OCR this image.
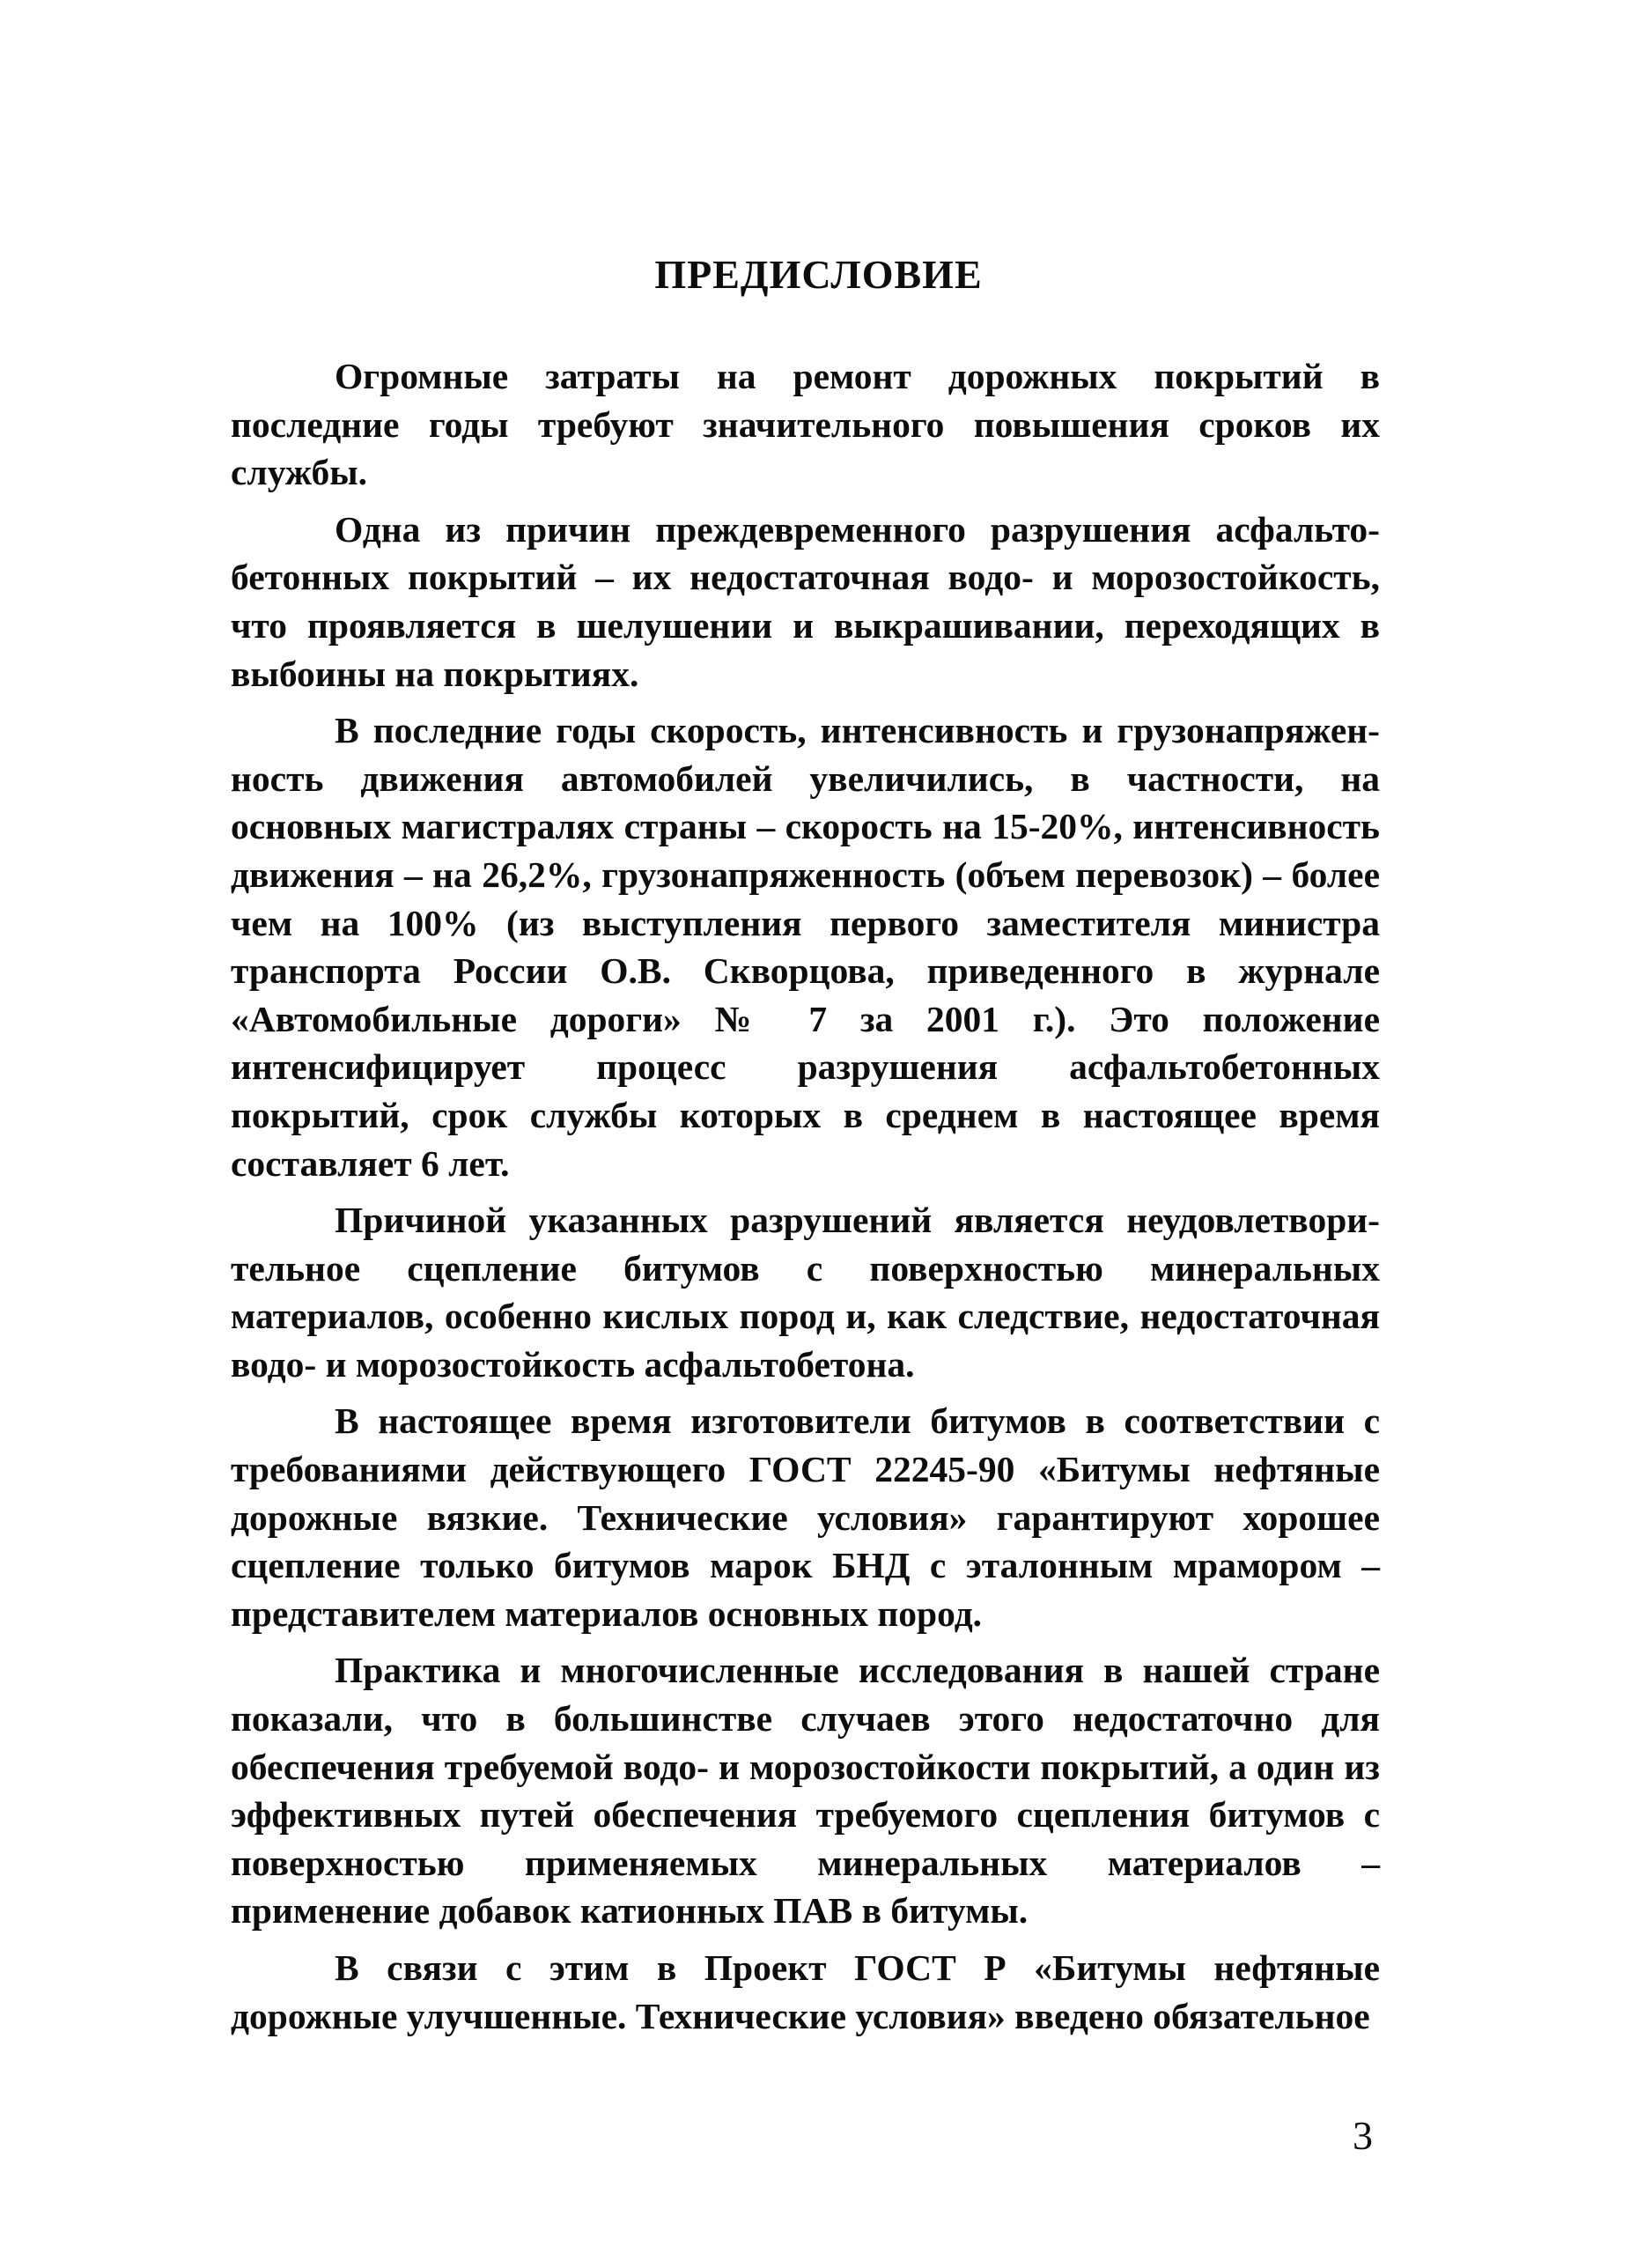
ПРЕДИСЛОВИЕ

Огромные затраты на ремонт дорожных покрытий в последние годы требуют значительного повышения сроков их службы.

Одна из причин преждевременного разрушения асфальто-бетонных покрытий – их недостаточная водо- и морозостойкость, что проявляется в шелушении и выкрашивании, переходящих в выбоины на покрытиях.

В последние годы скорость, интенсивность и грузонапряжен-ность движения автомобилей увеличились, в частности, на основных магистралях страны – скорость на 15-20%, интенсивность движения – на 26,2%, грузонапряженность (объем перевозок) – более чем на 100% (из выступления первого заместителя министра транспорта России О.В. Скворцова, приведенного в журнале «Автомобильные дороги» № 7 за 2001 г.). Это положение интенсифицирует процесс разрушения асфальтобетонных покрытий, срок службы которых в среднем в настоящее время составляет 6 лет.

Причиной указанных разрушений является неудовлетвори-тельное сцепление битумов с поверхностью минеральных материалов, особенно кислых пород и, как следствие, недостаточная водо- и морозостойкость асфальтобетона.

В настоящее время изготовители битумов в соответствии с требованиями действующего ГОСТ 22245-90 «Битумы нефтяные дорожные вязкие. Технические условия» гарантируют хорошее сцепление только битумов марок БНД с эталонным мрамором – представителем материалов основных пород.

Практика и многочисленные исследования в нашей стране показали, что в большинстве случаев этого недостаточно для обеспечения требуемой водо- и морозостойкости покрытий, а один из эффективных путей обеспечения требуемого сцепления битумов с поверхностью применяемых минеральных материалов – применение добавок катионных ПАВ в битумы.

В связи с этим в Проект ГОСТ Р «Битумы нефтяные дорожные улучшенные. Технические условия» введено обязательное

3
